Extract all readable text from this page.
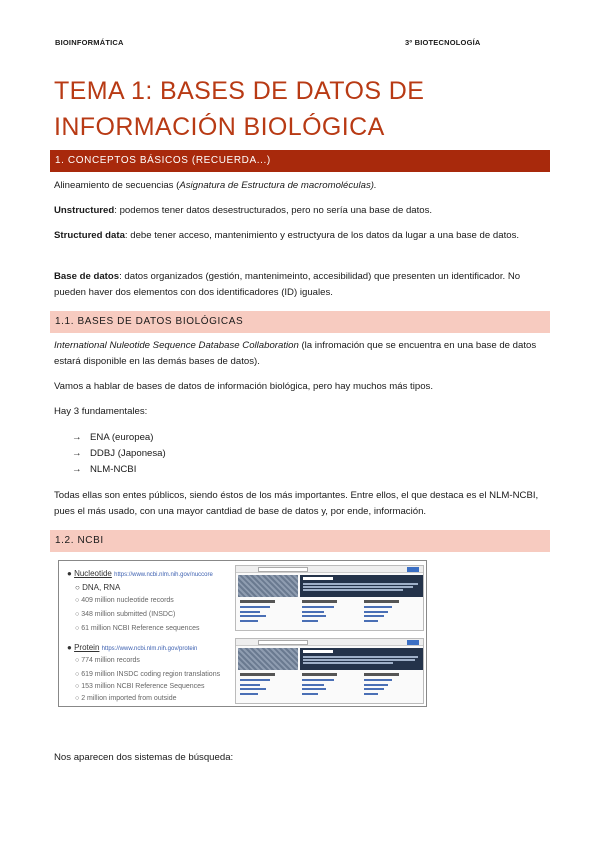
BIOINFORMÁTICA	3º BIOTECNOLOGÍA
TEMA 1: BASES DE DATOS DE
INFORMACIÓN BIOLÓGICA
1. CONCEPTOS BÁSICOS (RECUERDA...)
Alineamiento de secuencias (Asignatura de Estructura de macromoléculas).
Unstructured: podemos tener datos desestructurados, pero no sería una base de datos.
Structured data: debe tener acceso, mantenimiento y estructyura de los datos da lugar a una base de datos.
Base de datos: datos organizados (gestión, mantenimeinto, accesibilidad) que presenten un identificador. No pueden haver dos elementos con dos identificadores (ID) iguales.
1.1. BASES DE DATOS BIOLÓGICAS
International Nuleotide Sequence Database Collaboration (la infromación que se encuentra en una base de datos estará disponible en las demás bases de datos).
Vamos a hablar de bases de datos de información biológica, pero hay muchos más tipos.
Hay 3 fundamentales:
→ ENA (europea)
→ DDBJ (Japonesa)
→ NLM-NCBI
Todas ellas son entes públicos, siendo éstos de los más importantes. Entre ellos, el que destaca es el NLM-NCBI, pues el más usado, con una mayor cantdiad de base de datos y, por ende, información.
1.2. NCBI
● Nucleotide https://www.ncbi.nlm.nih.gov/nuccore
○ DNA, RNA
○ 409 million nucleotide records
○ 348 million submitted (INSDC)
○ 61 million NCBI Reference sequences
● Protein https://www.ncbi.nlm.nih.gov/protein
○ 774 million records
○ 619 million INSDC coding region translations
○ 153 million NCBI Reference Sequences
○ 2 million imported from outside
Nos aparecen dos sistemas de búsqueda:
